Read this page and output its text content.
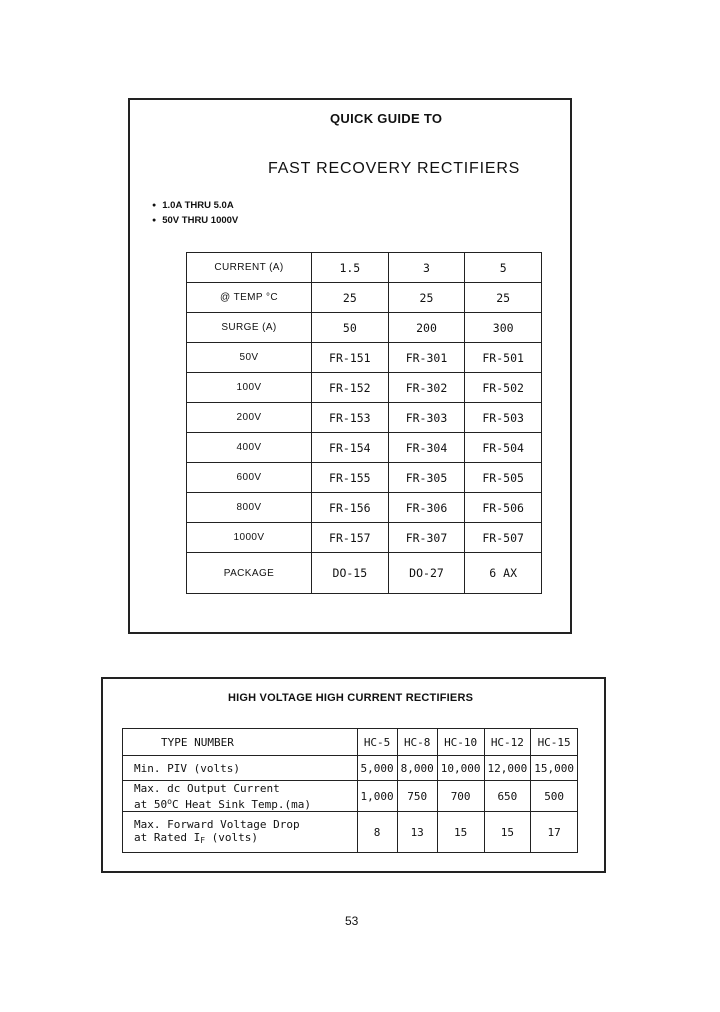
QUICK GUIDE TO
FAST RECOVERY RECTIFIERS
● 1.0A THRU 5.0A
● 50V THRU 1000V
CURRENT (A)	1.5	3	5
@ TEMP °C	25	25	25
SURGE (A)	50	200	300
50V	FR-151	FR-301	FR-501
100V	FR-152	FR-302	FR-502
200V	FR-153	FR-303	FR-503
400V	FR-154	FR-304	FR-504
600V	FR-155	FR-305	FR-505
800V	FR-156	FR-306	FR-506
1000V	FR-157	FR-307	FR-507
PACKAGE	DO-15	DO-27	6 AX
HIGH VOLTAGE HIGH CURRENT RECTIFIERS
TYPE NUMBER	HC-5	HC-8	HC-10	HC-12	HC-15
Min. PIV (volts)	5,000	8,000	10,000	12,000	15,000
Max. dc Output Current
at 50$^o$C Heat Sink Temp.(ma)	1,000	750	700	650	500
Max. Forward Voltage Drop
at Rated $I_F$ (volts)	8	13	15	15	17
53
